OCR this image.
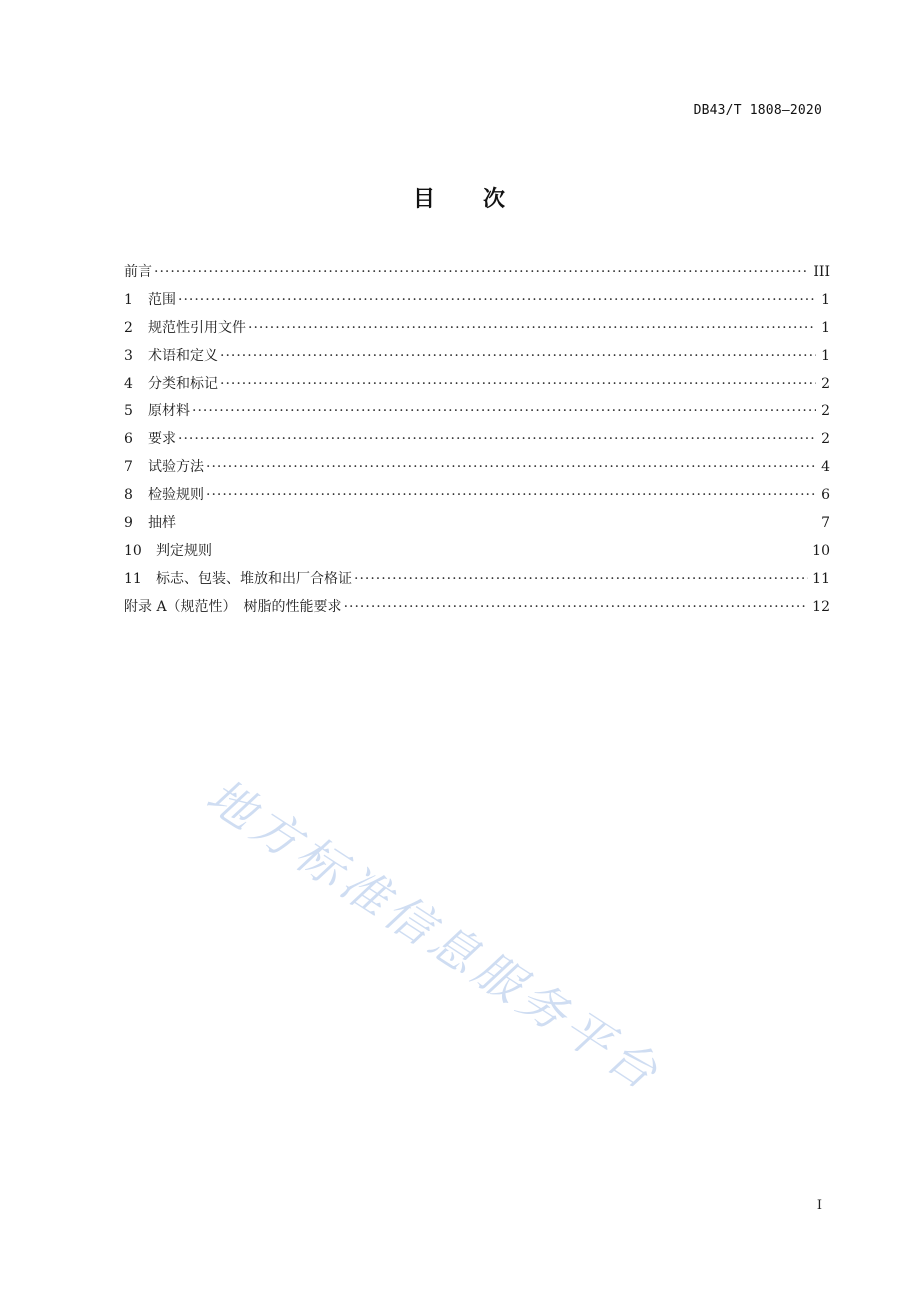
DB43/T 1808—2020
目 次
前言 ·····	III
1	范围 ·····	1
2	规范性引用文件 ·····	1
3	术语和定义 ·····	1
4	分类和标记 ·····	2
5	原材料 ·····	2
6	要求 ·····	2
7	试验方法 ·····	4
8	检验规则 ·····	6
9	抽样	7
10	判定规则	10
11	标志、包装、堆放和出厂合格证 ·····	11
附录 A（规范性）　树脂的性能要求 ·····	12
地方标准信息服务平台
I
